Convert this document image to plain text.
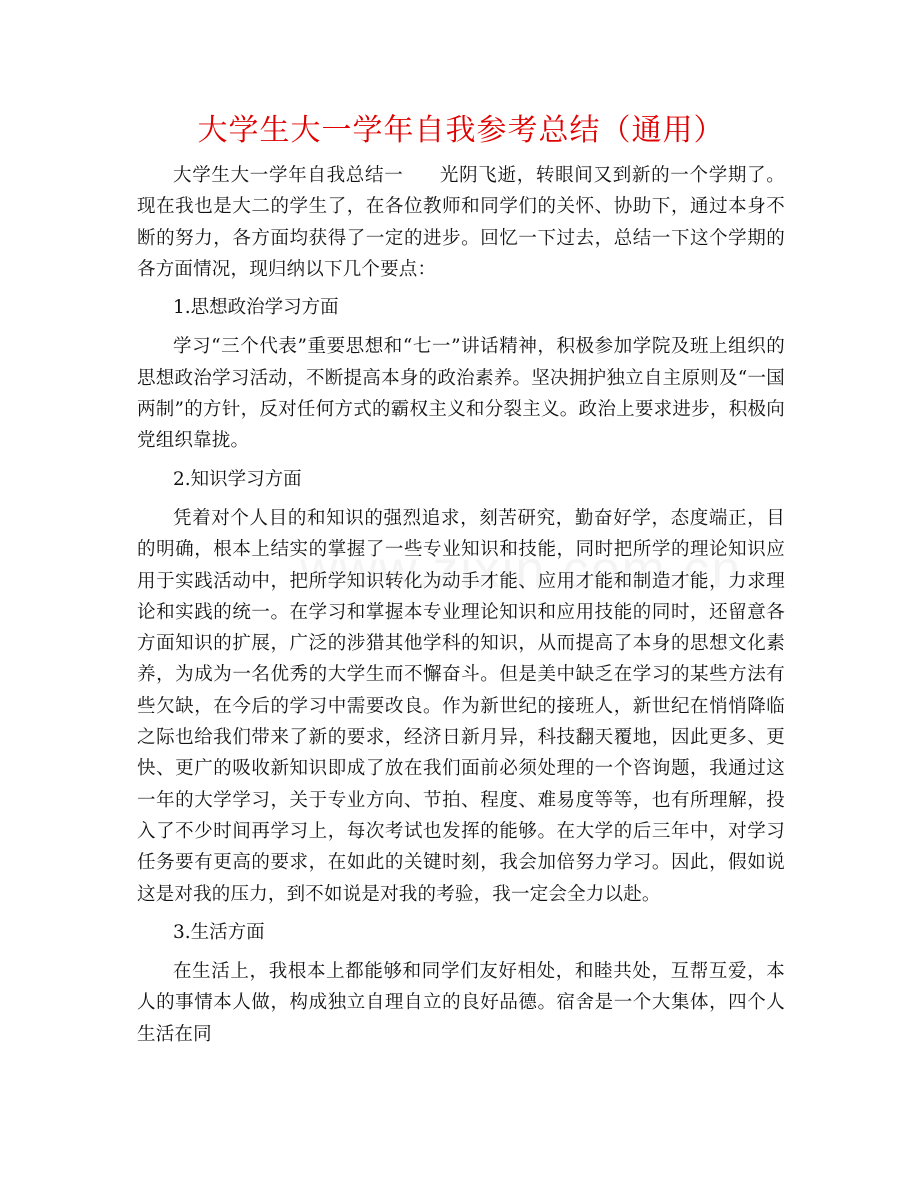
大学生大一学年自我参考总结（通用）

大学生大一学年自我总结一 光阴飞逝，转眼间又到新的一个学期了。现在我也是大二的学生了，在各位教师和同学们的关怀、协助下，通过本身不断的努力，各方面均获得了一定的进步。回忆一下过去，总结一下这个学期的各方面情况，现归纳以下几个要点：

1.思想政治学习方面

学习“三个代表”重要思想和“七一”讲话精神，积极参加学院及班上组织的思想政治学习活动，不断提高本身的政治素养。坚决拥护独立自主原则及“一国两制”的方针，反对任何方式的霸权主义和分裂主义。政治上要求进步，积极向党组织靠拢。

2.知识学习方面

凭着对个人目的和知识的强烈追求，刻苦研究，勤奋好学，态度端正，目的明确，根本上结实的掌握了一些专业知识和技能，同时把所学的理论知识应用于实践活动中，把所学知识转化为动手才能、应用才能和制造才能，力求理论和实践的统一。在学习和掌握本专业理论知识和应用技能的同时，还留意各方面知识的扩展，广泛的涉猎其他学科的知识，从而提高了本身的思想文化素养，为成为一名优秀的大学生而不懈奋斗。但是美中缺乏在学习的某些方法有些欠缺，在今后的学习中需要改良。作为新世纪的接班人，新世纪在悄悄降临之际也给我们带来了新的要求，经济日新月异，科技翻天覆地，因此更多、更快、更广的吸收新知识即成了放在我们面前必须处理的一个咨询题，我通过这一年的大学学习，关于专业方向、节拍、程度、难易度等等，也有所理解，投入了不少时间再学习上，每次考试也发挥的能够。在大学的后三年中，对学习任务要有更高的要求，在如此的关键时刻，我会加倍努力学习。因此，假如说这是对我的压力，到不如说是对我的考验，我一定会全力以赴。

3.生活方面

在生活上，我根本上都能够和同学们友好相处，和睦共处，互帮互爱，本人的事情本人做，构成独立自理自立的良好品德。宿舍是一个大集体，四个人生活在同
